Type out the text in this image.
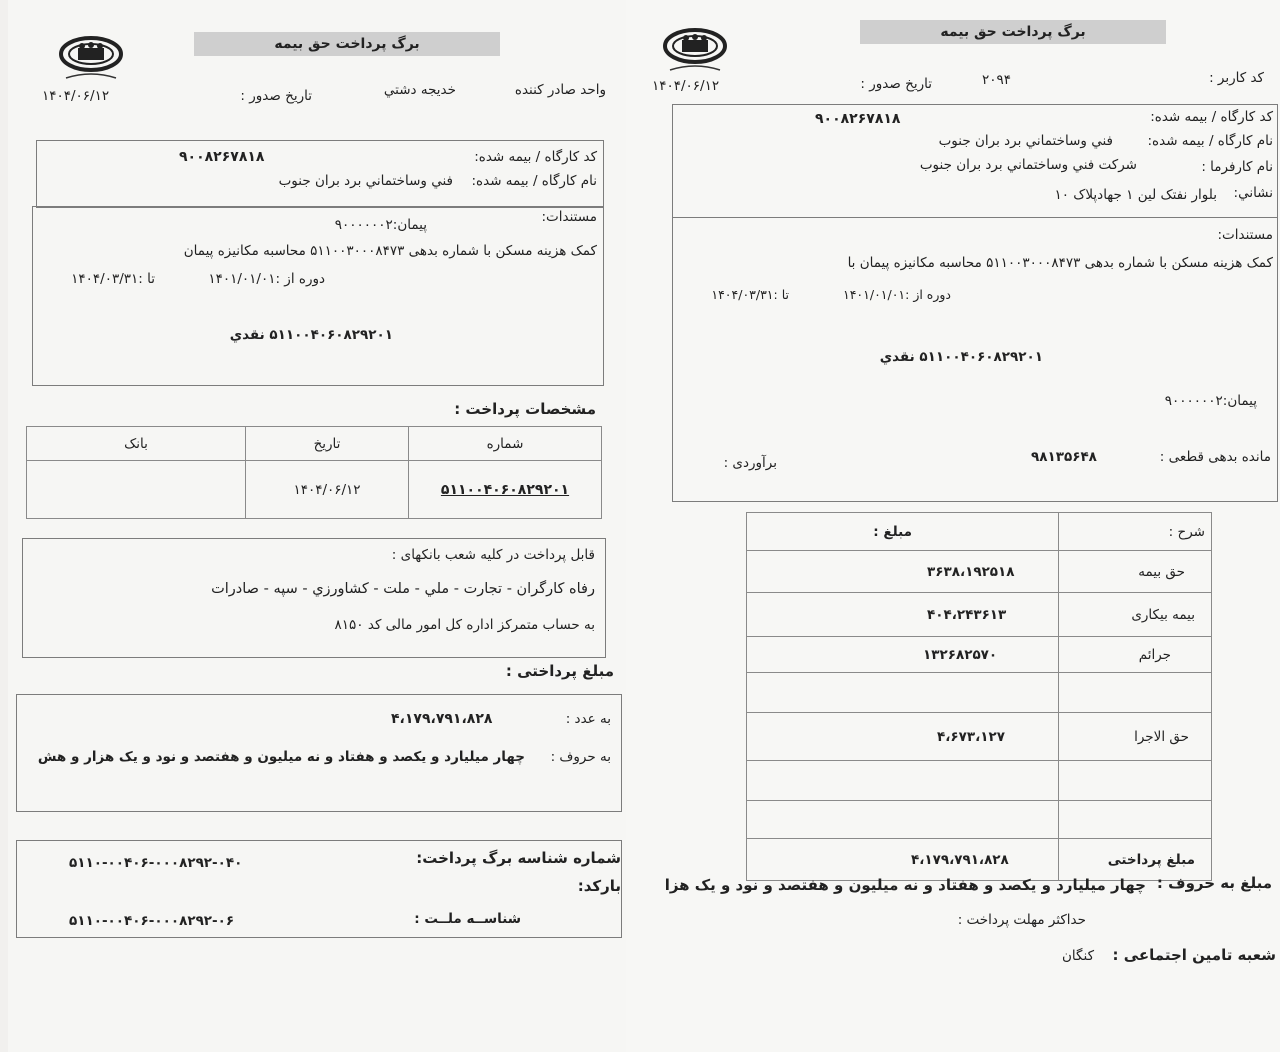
برگ پرداخت حق بیمه
واحد صادر کننده
خدیجه دشتي
تاریخ صدور :
۱۴۰۴/۰۶/۱۲
کد کارگاه / بیمه شده:
۹۰۰۸۲۶۷۸۱۸
نام کارگاه / بیمه شده:
فني وساختماني برد بران جنوب
مستندات:
پیمان:۹۰۰۰۰۰۰۲
کمک هزینه مسکن با شماره بدهی ۵۱۱۰۰۳۰۰۰۸۴۷۳ محاسبه مکانیزه پیمان
دوره از :۱۴۰۱/۰۱/۰۱
تا :۱۴۰۴/۰۳/۳۱
۵۱۱۰۰۴۰۶۰۸۲۹۲۰۱ نقدي
مشخصات پرداخت :
شماره	تاریخ	بانک
۵۱۱۰۰۴۰۶۰۸۲۹۲۰۱	۱۴۰۴/۰۶/۱۲	
قابل پرداخت در کلیه شعب بانکهای :
رفاه کارگران - تجارت - ملي - ملت - کشاورزي - سپه - صادرات
به حساب متمرکز اداره کل امور مالی کد ۸۱۵۰
مبلغ پرداختی :
به عدد :
۴،۱۷۹،۷۹۱،۸۲۸
به حروف :
چهار میلیارد و یکصد و هفتاد و نه میلیون و هفتصد و نود و یک هزار و هش
شماره شناسه برگ پرداخت:
۵۱۱۰-۰۰۴۰۶-۰۰۰۸۲۹۲-۰۴۰
بارکد:
شناســه ملــت :
۵۱۱۰-۰۰۴۰۶-۰۰۰۸۲۹۲-۰۶
برگ پرداخت حق بیمه
کد کاربر :
۲۰۹۴
تاریخ صدور :
۱۴۰۴/۰۶/۱۲
کد کارگاه / بیمه شده:
۹۰۰۸۲۶۷۸۱۸
نام کارگاه / بیمه شده:
فني وساختماني برد بران جنوب
نام کارفرما :
شرکت فني وساختماني برد بران جنوب
نشاني:
بلوار نفتک لین ۱ جهادپلاک ۱۰
مستندات:
کمک هزینه مسکن با شماره بدهی ۵۱۱۰۰۳۰۰۰۸۴۷۳ محاسبه مکانیزه پیمان با
دوره از :۱۴۰۱/۰۱/۰۱
تا :۱۴۰۴/۰۳/۳۱
۵۱۱۰۰۴۰۶۰۸۲۹۲۰۱ نقدي
پیمان:۹۰۰۰۰۰۰۲
مانده بدهی قطعی :
۹۸۱۳۵۶۴۸
برآوردی :
شرح :	مبلغ :
حق بیمه	۳۶۳۸،۱۹۲۵۱۸
بیمه بیکاری	۴۰۴،۲۴۳۶۱۳
جرائم	۱۳۲۶۸۲۵۷۰

حق الاجرا	۴،۶۷۳،۱۲۷

مبلغ پرداختی	۴،۱۷۹،۷۹۱،۸۲۸
مبلغ به حروف :
چهار میلیارد و یکصد و هفتاد و نه میلیون و هفتصد و نود و یک هزا
حداکثر مهلت پرداخت :
شعبه تامین اجتماعی :
کنگان
